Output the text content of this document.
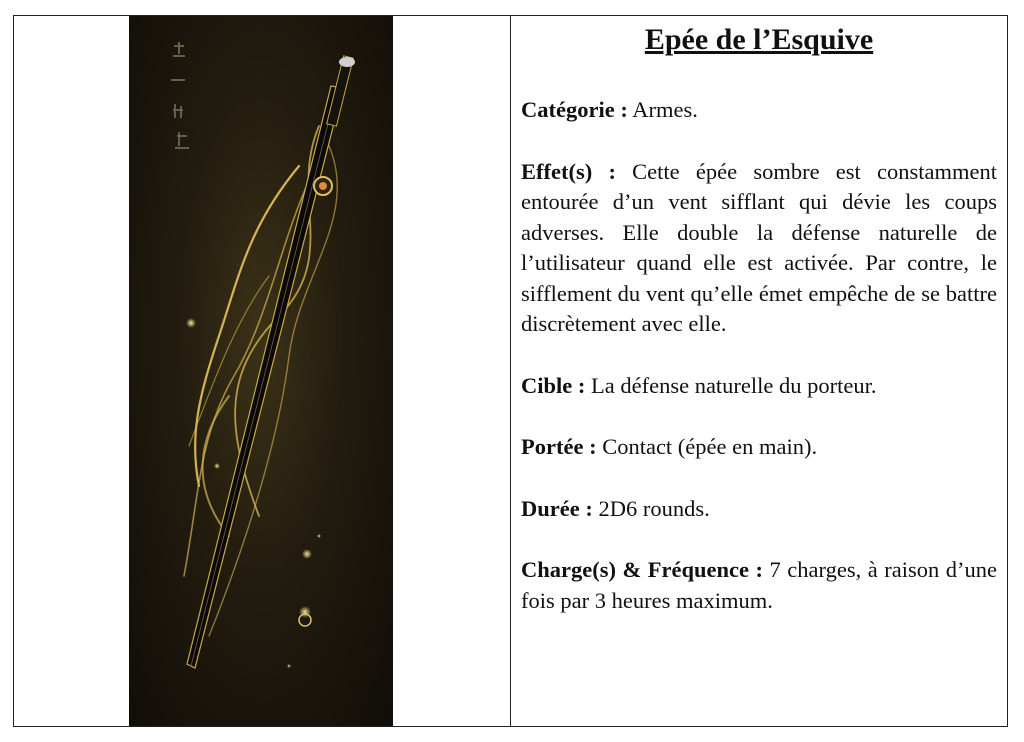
Epée de l’Esquive

Catégorie : Armes.

Effet(s) : Cette épée sombre est constamment entourée d’un vent sifflant qui dévie les coups adverses. Elle double la défense naturelle de l’utilisateur quand elle est activée. Par contre, le sifflement du vent qu’elle émet empêche de se battre discrètement avec elle.

Cible : La défense naturelle du porteur.

Portée : Contact (épée en main).

Durée : 2D6 rounds.

Charge(s) & Fréquence : 7 charges, à raison d’une fois par 3 heures maximum.
